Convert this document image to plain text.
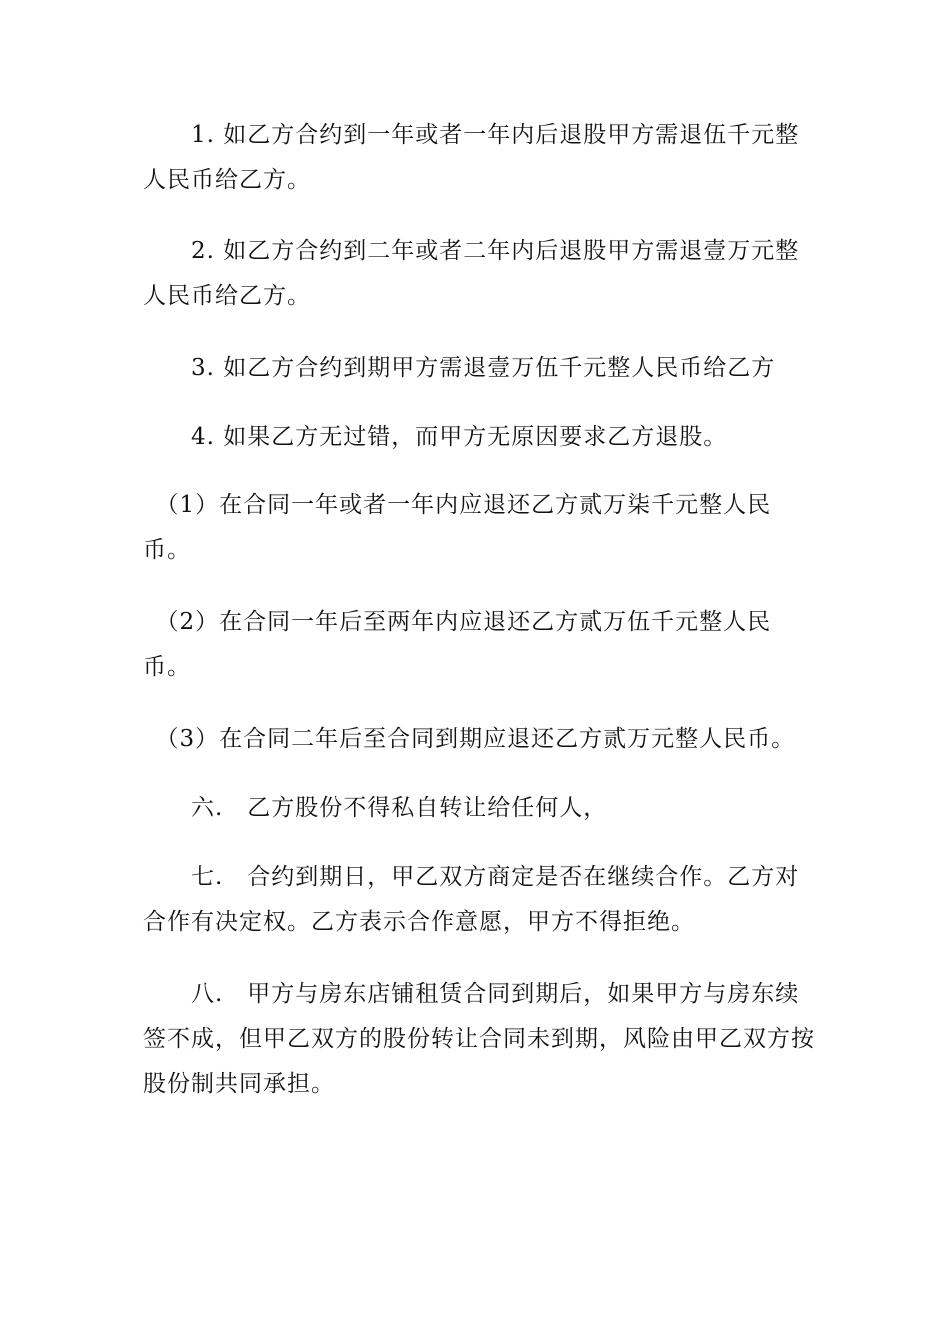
　　1. 如乙方合约到一年或者一年内后退股甲方需退伍千元整
人民币给乙方。
　　2. 如乙方合约到二年或者二年内后退股甲方需退壹万元整
人民币给乙方。
　　3. 如乙方合约到期甲方需退壹万伍千元整人民币给乙方
　　4. 如果乙方无过错，而甲方无原因要求乙方退股。
　（1）在合同一年或者一年内应退还乙方贰万柒千元整人民
币。
　（2）在合同一年后至两年内应退还乙方贰万伍千元整人民
币。
　（3）在合同二年后至合同到期应退还乙方贰万元整人民币。
　　六.　乙方股份不得私自转让给任何人，
　　七.　合约到期日，甲乙双方商定是否在继续合作。乙方对
合作有决定权。乙方表示合作意愿，甲方不得拒绝。
　　八.　甲方与房东店铺租赁合同到期后，如果甲方与房东续
签不成，但甲乙双方的股份转让合同未到期，风险由甲乙双方按
股份制共同承担。
